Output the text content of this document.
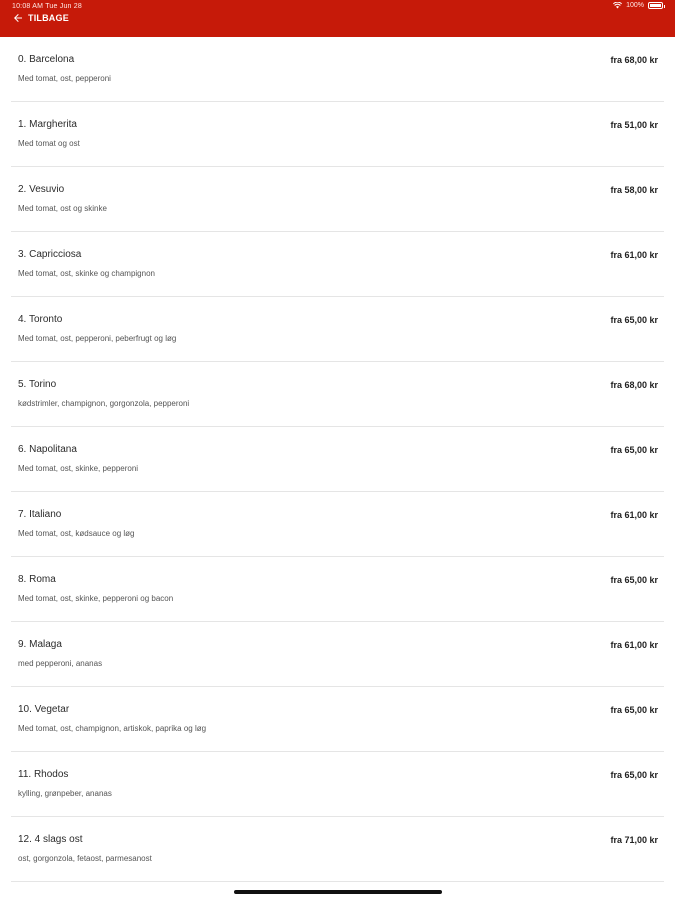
10:08 AM Tue Jun 28	100%
TILBAGE
0. Barcelona
Med tomat, ost, pepperoni
fra 68,00 kr
1. Margherita
Med tomat og ost
fra 51,00 kr
2. Vesuvio
Med tomat, ost og skinke
fra 58,00 kr
3. Capricciosa
Med tomat, ost, skinke og champignon
fra 61,00 kr
4. Toronto
Med tomat, ost, pepperoni, peberfrugt og løg
fra 65,00 kr
5. Torino
kødstrimler, champignon, gorgonzola, pepperoni
fra 68,00 kr
6. Napolitana
Med tomat, ost, skinke, pepperoni
fra 65,00 kr
7. Italiano
Med tomat, ost, kødsauce og løg
fra 61,00 kr
8. Roma
Med tomat, ost, skinke, pepperoni og bacon
fra 65,00 kr
9. Malaga
med pepperoni, ananas
fra 61,00 kr
10. Vegetar
Med tomat, ost, champignon, artiskok, paprika og løg
fra 65,00 kr
11. Rhodos
kylling, grønpeber, ananas
fra 65,00 kr
12. 4 slags ost
ost, gorgonzola, fetaost, parmesanost
fra 71,00 kr
